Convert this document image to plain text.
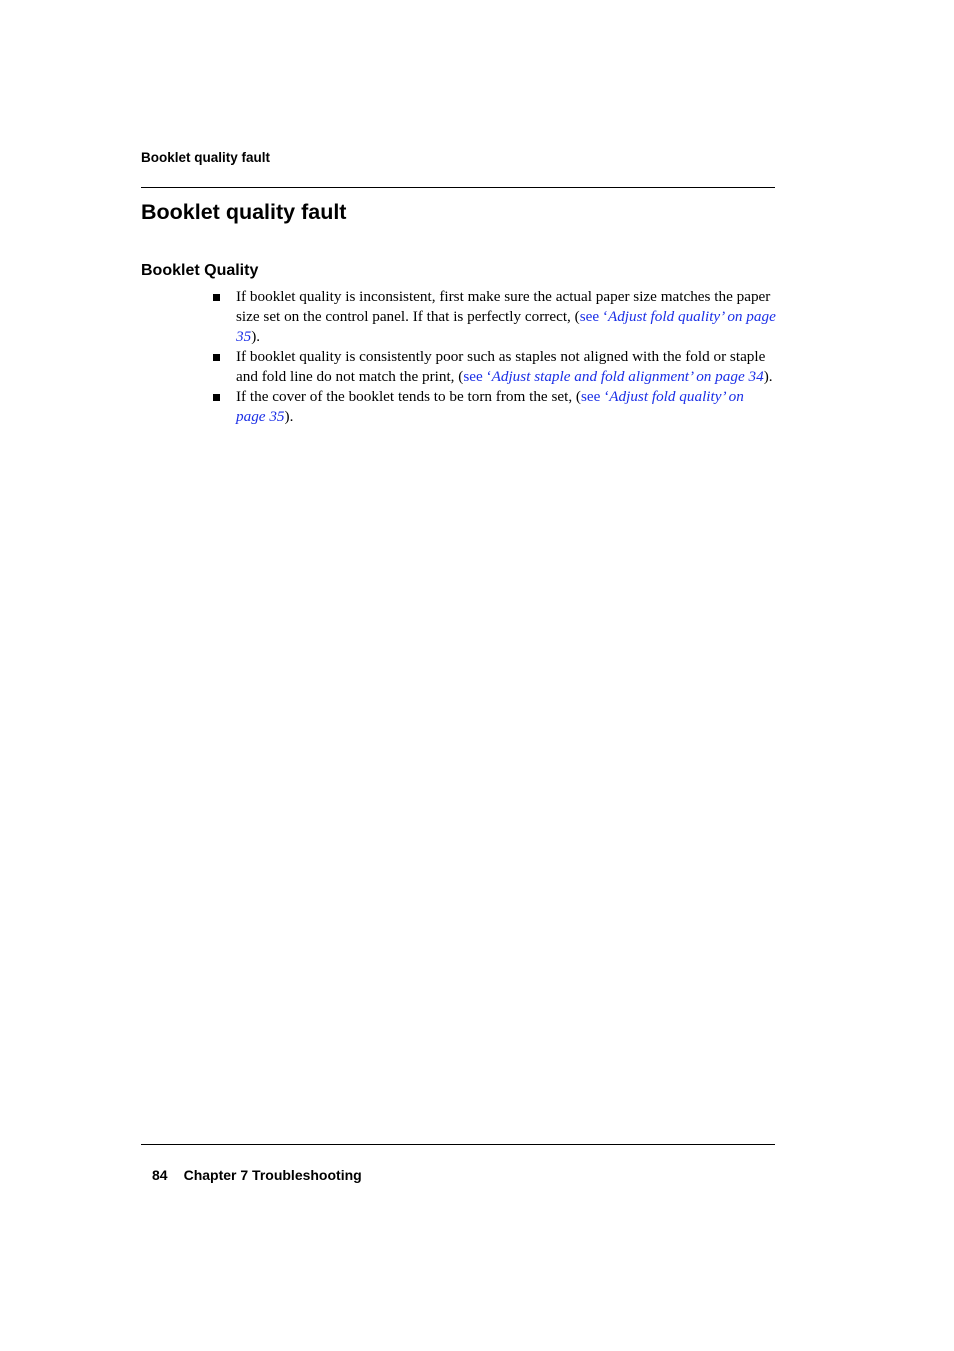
Booklet quality fault

Booklet quality fault
Booklet Quality
If booklet quality is inconsistent, first make sure the actual paper size matches the paper size set on the control panel. If that is perfectly correct, (see ‘Adjust fold quality’ on page 35).
If booklet quality is consistently poor such as staples not aligned with the fold or staple and fold line do not match the print, (see ‘Adjust staple and fold alignment’ on page 34).
If the cover of the booklet tends to be torn from the set, (see ‘Adjust fold quality’ on page 35).

84 Chapter 7 Troubleshooting
